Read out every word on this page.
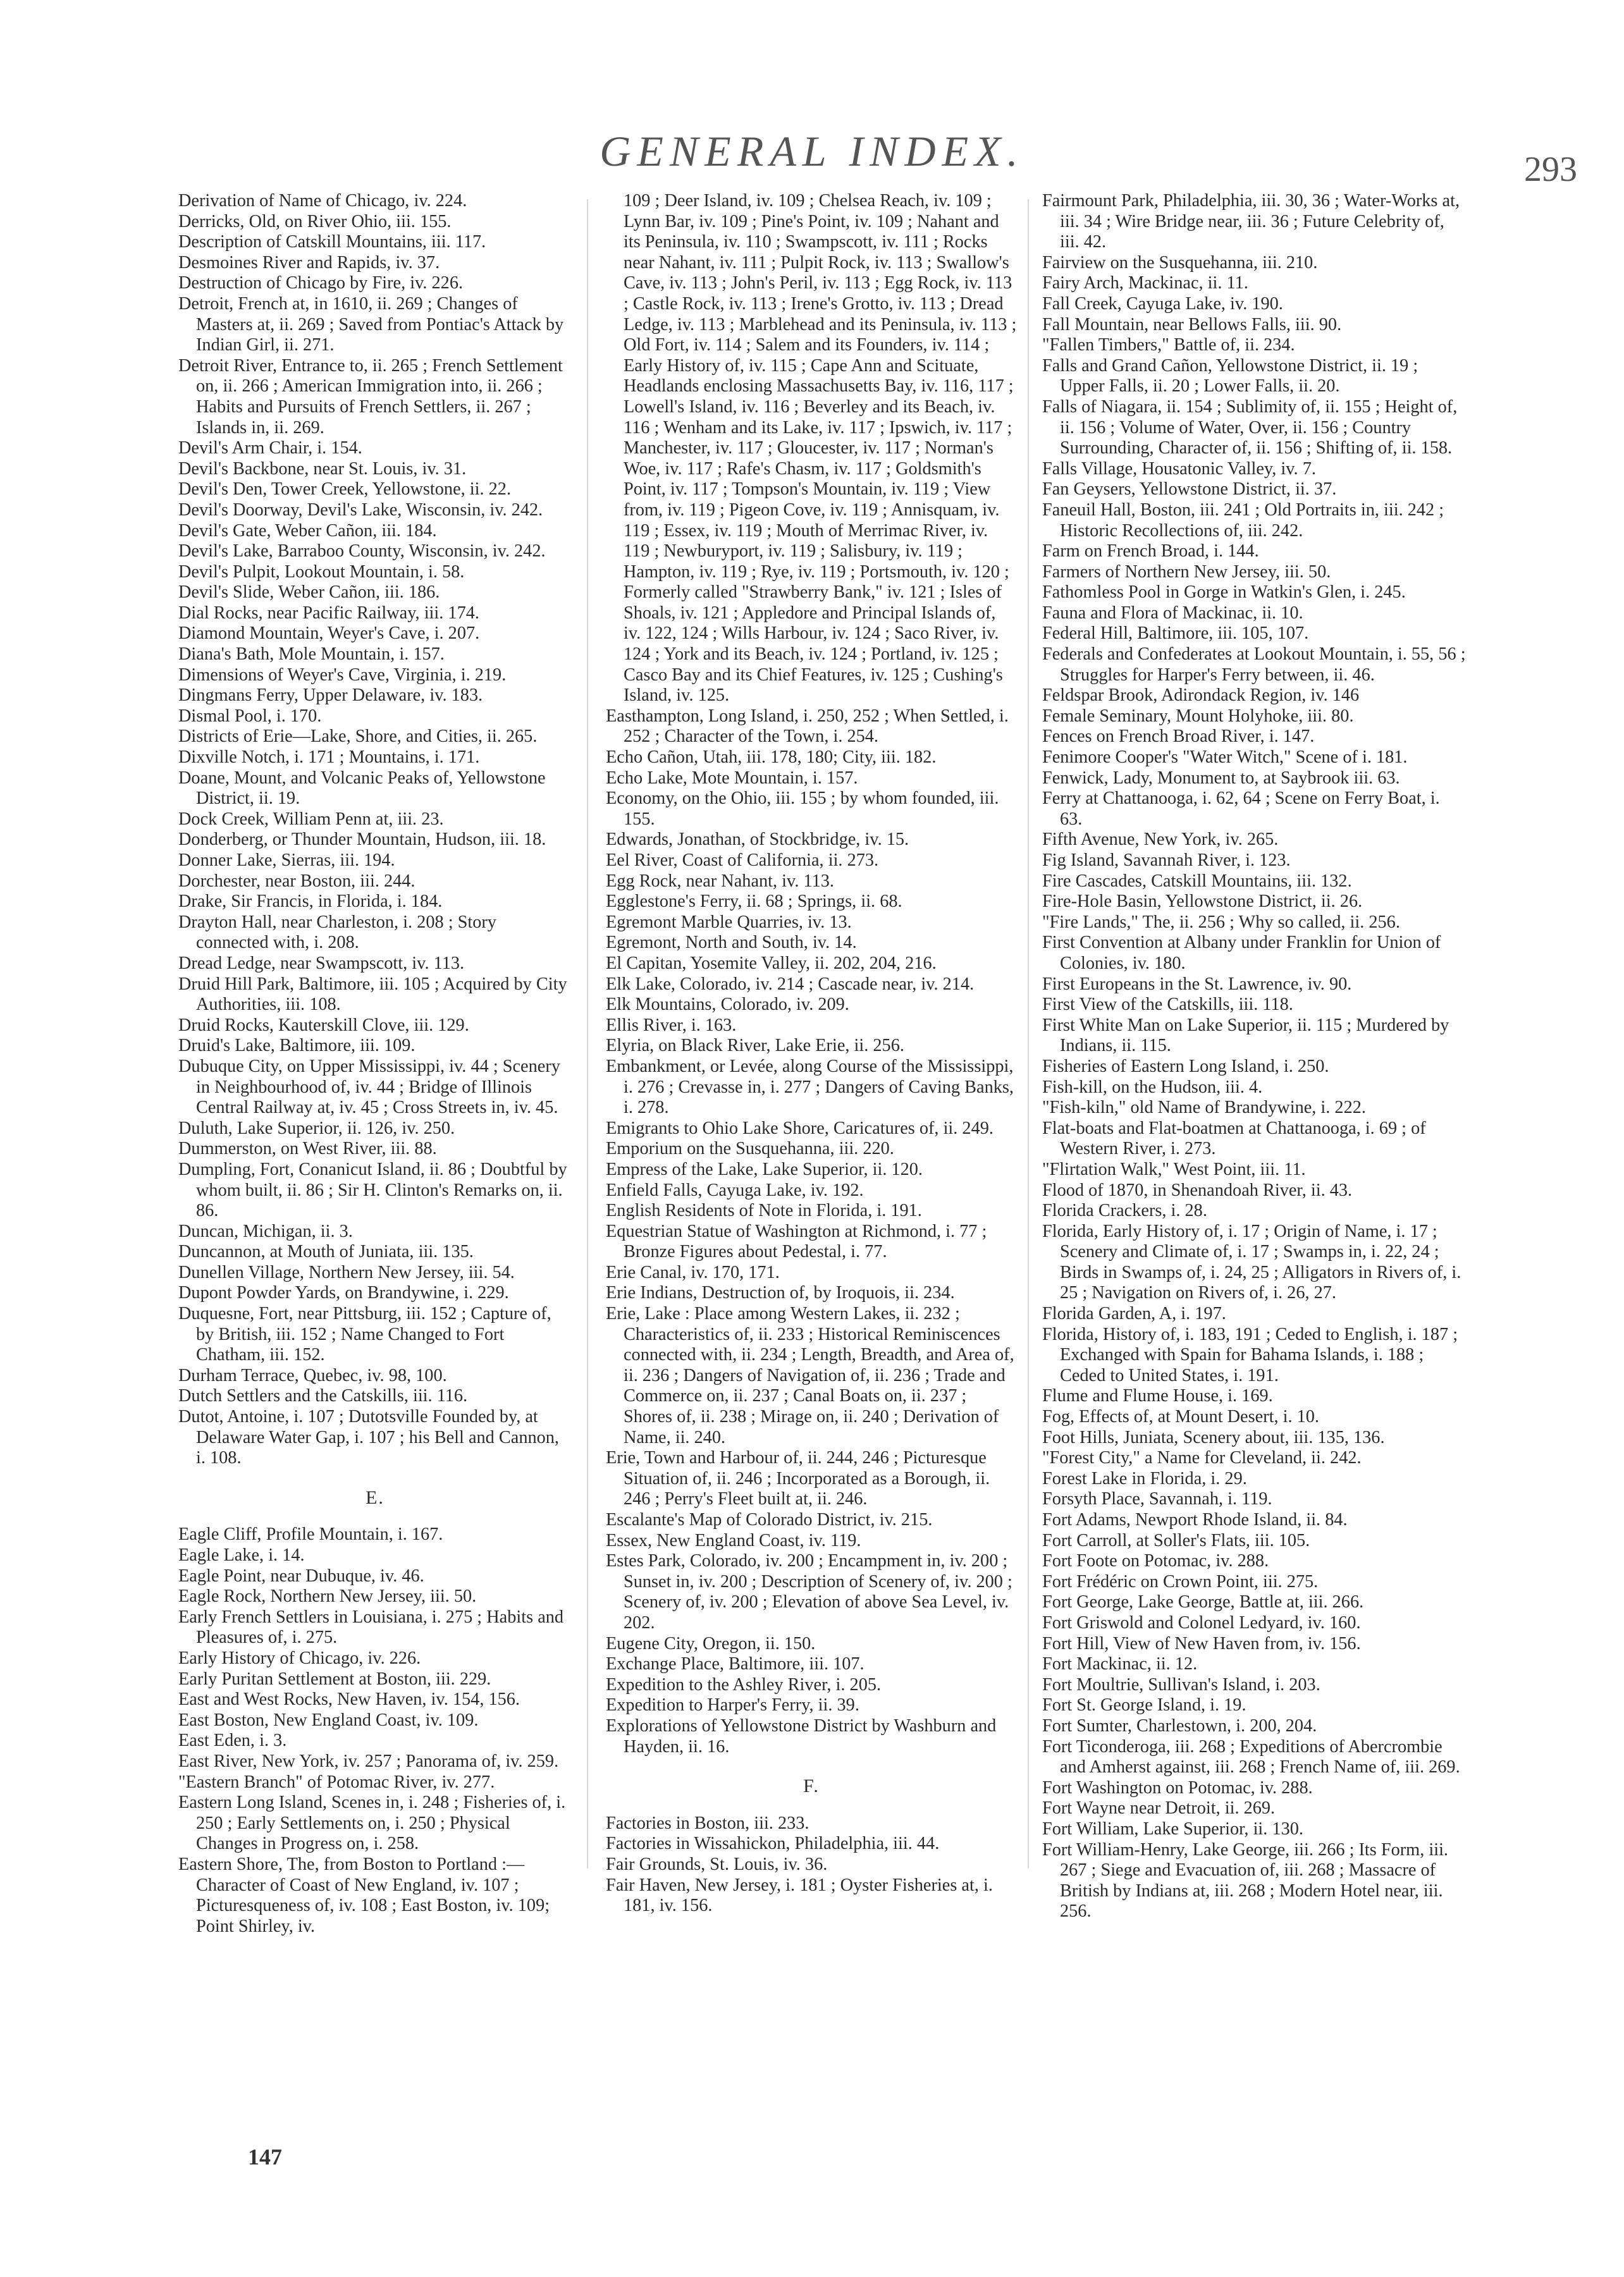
GENERAL INDEX.	293

Derivation of Name of Chicago, iv. 224.

Derricks, Old, on River Ohio, iii. 155.

Description of Catskill Mountains, iii. 117.

Desmoines River and Rapids, iv. 37.

Destruction of Chicago by Fire, iv. 226.

Detroit, French at, in 1610, ii. 269 ; Changes of Masters at, ii. 269 ; Saved from Pontiac's Attack by Indian Girl, ii. 271.

Detroit River, Entrance to, ii. 265 ; French Settlement on, ii. 266 ; American Immigration into, ii. 266 ; Habits and Pursuits of French Settlers, ii. 267 ; Islands in, ii. 269.

Devil's Arm Chair, i. 154.

Devil's Backbone, near St. Louis, iv. 31.

Devil's Den, Tower Creek, Yellowstone, ii. 22.

Devil's Doorway, Devil's Lake, Wisconsin, iv. 242.

Devil's Gate, Weber Cañon, iii. 184.

Devil's Lake, Barraboo County, Wisconsin, iv. 242.

Devil's Pulpit, Lookout Mountain, i. 58.

Devil's Slide, Weber Cañon, iii. 186.

Dial Rocks, near Pacific Railway, iii. 174.

Diamond Mountain, Weyer's Cave, i. 207.

Diana's Bath, Mole Mountain, i. 157.

Dimensions of Weyer's Cave, Virginia, i. 219.

Dingmans Ferry, Upper Delaware, iv. 183.

Dismal Pool, i. 170.

Districts of Erie—Lake, Shore, and Cities, ii. 265.

Dixville Notch, i. 171 ; Mountains, i. 171.

Doane, Mount, and Volcanic Peaks of, Yellowstone District, ii. 19.

Dock Creek, William Penn at, iii. 23.

Donderberg, or Thunder Mountain, Hudson, iii. 18.

Donner Lake, Sierras, iii. 194.

Dorchester, near Boston, iii. 244.

Drake, Sir Francis, in Florida, i. 184.

Drayton Hall, near Charleston, i. 208 ; Story connected with, i. 208.

Dread Ledge, near Swampscott, iv. 113.

Druid Hill Park, Baltimore, iii. 105 ; Acquired by City Authorities, iii. 108.

Druid Rocks, Kauterskill Clove, iii. 129.

Druid's Lake, Baltimore, iii. 109.

Dubuque City, on Upper Mississippi, iv. 44 ; Scenery in Neighbourhood of, iv. 44 ; Bridge of Illinois Central Railway at, iv. 45 ; Cross Streets in, iv. 45.

Duluth, Lake Superior, ii. 126, iv. 250.

Dummerston, on West River, iii. 88.

Dumpling, Fort, Conanicut Island, ii. 86 ; Doubtful by whom built, ii. 86 ; Sir H. Clinton's Remarks on, ii. 86.

Duncan, Michigan, ii. 3.

Duncannon, at Mouth of Juniata, iii. 135.

Dunellen Village, Northern New Jersey, iii. 54.

Dupont Powder Yards, on Brandywine, i. 229.

Duquesne, Fort, near Pittsburg, iii. 152 ; Capture of, by British, iii. 152 ; Name Changed to Fort Chatham, iii. 152.

Durham Terrace, Quebec, iv. 98, 100.

Dutch Settlers and the Catskills, iii. 116.

Dutot, Antoine, i. 107 ; Dutotsville Founded by, at Delaware Water Gap, i. 107 ; his Bell and Cannon, i. 108.

E.

Eagle Cliff, Profile Mountain, i. 167.

Eagle Lake, i. 14.

Eagle Point, near Dubuque, iv. 46.

Eagle Rock, Northern New Jersey, iii. 50.

Early French Settlers in Louisiana, i. 275 ; Habits and Pleasures of, i. 275.

Early History of Chicago, iv. 226.

Early Puritan Settlement at Boston, iii. 229.

East and West Rocks, New Haven, iv. 154, 156.

East Boston, New England Coast, iv. 109.

East Eden, i. 3.

East River, New York, iv. 257 ; Panorama of, iv. 259.

"Eastern Branch" of Potomac River, iv. 277.

Eastern Long Island, Scenes in, i. 248 ; Fisheries of, i. 250 ; Early Settlements on, i. 250 ; Physical Changes in Progress on, i. 258.

Eastern Shore, The, from Boston to Portland :—Character of Coast of New England, iv. 107 ; Picturesqueness of, iv. 108 ; East Boston, iv. 109; Point Shirley, iv.

109 ; Deer Island, iv. 109 ; Chelsea Reach, iv. 109 ; Lynn Bar, iv. 109 ; Pine's Point, iv. 109 ; Nahant and its Peninsula, iv. 110 ; Swampscott, iv. 111 ; Rocks near Nahant, iv. 111 ; Pulpit Rock, iv. 113 ; Swallow's Cave, iv. 113 ; John's Peril, iv. 113 ; Egg Rock, iv. 113 ; Castle Rock, iv. 113 ; Irene's Grotto, iv. 113 ; Dread Ledge, iv. 113 ; Marblehead and its Peninsula, iv. 113 ; Old Fort, iv. 114 ; Salem and its Founders, iv. 114 ; Early History of, iv. 115 ; Cape Ann and Scituate, Headlands enclosing Massachusetts Bay, iv. 116, 117 ; Lowell's Island, iv. 116 ; Beverley and its Beach, iv. 116 ; Wenham and its Lake, iv. 117 ; Ipswich, iv. 117 ; Manchester, iv. 117 ; Gloucester, iv. 117 ; Norman's Woe, iv. 117 ; Rafe's Chasm, iv. 117 ; Goldsmith's Point, iv. 117 ; Tompson's Mountain, iv. 119 ; View from, iv. 119 ; Pigeon Cove, iv. 119 ; Annisquam, iv. 119 ; Essex, iv. 119 ; Mouth of Merrimac River, iv. 119 ; Newburyport, iv. 119 ; Salisbury, iv. 119 ; Hampton, iv. 119 ; Rye, iv. 119 ; Portsmouth, iv. 120 ; Formerly called "Strawberry Bank," iv. 121 ; Isles of Shoals, iv. 121 ; Appledore and Principal Islands of, iv. 122, 124 ; Wills Harbour, iv. 124 ; Saco River, iv. 124 ; York and its Beach, iv. 124 ; Portland, iv. 125 ; Casco Bay and its Chief Features, iv. 125 ; Cushing's Island, iv. 125.

Easthampton, Long Island, i. 250, 252 ; When Settled, i. 252 ; Character of the Town, i. 254.

Echo Cañon, Utah, iii. 178, 180; City, iii. 182.

Echo Lake, Mote Mountain, i. 157.

Economy, on the Ohio, iii. 155 ; by whom founded, iii. 155.

Edwards, Jonathan, of Stockbridge, iv. 15.

Eel River, Coast of California, ii. 273.

Egg Rock, near Nahant, iv. 113.

Egglestone's Ferry, ii. 68 ; Springs, ii. 68.

Egremont Marble Quarries, iv. 13.

Egremont, North and South, iv. 14.

El Capitan, Yosemite Valley, ii. 202, 204, 216.

Elk Lake, Colorado, iv. 214 ; Cascade near, iv. 214.

Elk Mountains, Colorado, iv. 209.

Ellis River, i. 163.

Elyria, on Black River, Lake Erie, ii. 256.

Embankment, or Levée, along Course of the Mississippi, i. 276 ; Crevasse in, i. 277 ; Dangers of Caving Banks, i. 278.

Emigrants to Ohio Lake Shore, Caricatures of, ii. 249.

Emporium on the Susquehanna, iii. 220.

Empress of the Lake, Lake Superior, ii. 120.

Enfield Falls, Cayuga Lake, iv. 192.

English Residents of Note in Florida, i. 191.

Equestrian Statue of Washington at Richmond, i. 77 ; Bronze Figures about Pedestal, i. 77.

Erie Canal, iv. 170, 171.

Erie Indians, Destruction of, by Iroquois, ii. 234.

Erie, Lake : Place among Western Lakes, ii. 232 ; Characteristics of, ii. 233 ; Historical Reminiscences connected with, ii. 234 ; Length, Breadth, and Area of, ii. 236 ; Dangers of Navigation of, ii. 236 ; Trade and Commerce on, ii. 237 ; Canal Boats on, ii. 237 ; Shores of, ii. 238 ; Mirage on, ii. 240 ; Derivation of Name, ii. 240.

Erie, Town and Harbour of, ii. 244, 246 ; Picturesque Situation of, ii. 246 ; Incorporated as a Borough, ii. 246 ; Perry's Fleet built at, ii. 246.

Escalante's Map of Colorado District, iv. 215.

Essex, New England Coast, iv. 119.

Estes Park, Colorado, iv. 200 ; Encampment in, iv. 200 ; Sunset in, iv. 200 ; Description of Scenery of, iv. 200 ; Scenery of, iv. 200 ; Elevation of above Sea Level, iv. 202.

Eugene City, Oregon, ii. 150.

Exchange Place, Baltimore, iii. 107.

Expedition to the Ashley River, i. 205.

Expedition to Harper's Ferry, ii. 39.

Explorations of Yellowstone District by Washburn and Hayden, ii. 16.

F.

Factories in Boston, iii. 233.

Factories in Wissahickon, Philadelphia, iii. 44.

Fair Grounds, St. Louis, iv. 36.

Fair Haven, New Jersey, i. 181 ; Oyster Fisheries at, i. 181, iv. 156.

Fairmount Park, Philadelphia, iii. 30, 36 ; Water-Works at, iii. 34 ; Wire Bridge near, iii. 36 ; Future Celebrity of, iii. 42.

Fairview on the Susquehanna, iii. 210.

Fairy Arch, Mackinac, ii. 11.

Fall Creek, Cayuga Lake, iv. 190.

Fall Mountain, near Bellows Falls, iii. 90.

"Fallen Timbers," Battle of, ii. 234.

Falls and Grand Cañon, Yellowstone District, ii. 19 ; Upper Falls, ii. 20 ; Lower Falls, ii. 20.

Falls of Niagara, ii. 154 ; Sublimity of, ii. 155 ; Height of, ii. 156 ; Volume of Water, Over, ii. 156 ; Country Surrounding, Character of, ii. 156 ; Shifting of, ii. 158.

Falls Village, Housatonic Valley, iv. 7.

Fan Geysers, Yellowstone District, ii. 37.

Faneuil Hall, Boston, iii. 241 ; Old Portraits in, iii. 242 ; Historic Recollections of, iii. 242.

Farm on French Broad, i. 144.

Farmers of Northern New Jersey, iii. 50.

Fathomless Pool in Gorge in Watkin's Glen, i. 245.

Fauna and Flora of Mackinac, ii. 10.

Federal Hill, Baltimore, iii. 105, 107.

Federals and Confederates at Lookout Mountain, i. 55, 56 ; Struggles for Harper's Ferry between, ii. 46.

Feldspar Brook, Adirondack Region, iv. 146

Female Seminary, Mount Holyhoke, iii. 80.

Fences on French Broad River, i. 147.

Fenimore Cooper's "Water Witch," Scene of i. 181.

Fenwick, Lady, Monument to, at Saybrook iii. 63.

Ferry at Chattanooga, i. 62, 64 ; Scene on Ferry Boat, i. 63.

Fifth Avenue, New York, iv. 265.

Fig Island, Savannah River, i. 123.

Fire Cascades, Catskill Mountains, iii. 132.

Fire-Hole Basin, Yellowstone District, ii. 26.

"Fire Lands," The, ii. 256 ; Why so called, ii. 256.

First Convention at Albany under Franklin for Union of Colonies, iv. 180.

First Europeans in the St. Lawrence, iv. 90.

First View of the Catskills, iii. 118.

First White Man on Lake Superior, ii. 115 ; Murdered by Indians, ii. 115.

Fisheries of Eastern Long Island, i. 250.

Fish-kill, on the Hudson, iii. 4.

"Fish-kiln," old Name of Brandywine, i. 222.

Flat-boats and Flat-boatmen at Chattanooga, i. 69 ; of Western River, i. 273.

"Flirtation Walk," West Point, iii. 11.

Flood of 1870, in Shenandoah River, ii. 43.

Florida Crackers, i. 28.

Florida, Early History of, i. 17 ; Origin of Name, i. 17 ; Scenery and Climate of, i. 17 ; Swamps in, i. 22, 24 ; Birds in Swamps of, i. 24, 25 ; Alligators in Rivers of, i. 25 ; Navigation on Rivers of, i. 26, 27.

Florida Garden, A, i. 197.

Florida, History of, i. 183, 191 ; Ceded to English, i. 187 ; Exchanged with Spain for Bahama Islands, i. 188 ; Ceded to United States, i. 191.

Flume and Flume House, i. 169.

Fog, Effects of, at Mount Desert, i. 10.

Foot Hills, Juniata, Scenery about, iii. 135, 136.

"Forest City," a Name for Cleveland, ii. 242.

Forest Lake in Florida, i. 29.

Forsyth Place, Savannah, i. 119.

Fort Adams, Newport Rhode Island, ii. 84.

Fort Carroll, at Soller's Flats, iii. 105.

Fort Foote on Potomac, iv. 288.

Fort Frédéric on Crown Point, iii. 275.

Fort George, Lake George, Battle at, iii. 266.

Fort Griswold and Colonel Ledyard, iv. 160.

Fort Hill, View of New Haven from, iv. 156.

Fort Mackinac, ii. 12.

Fort Moultrie, Sullivan's Island, i. 203.

Fort St. George Island, i. 19.

Fort Sumter, Charlestown, i. 200, 204.

Fort Ticonderoga, iii. 268 ; Expeditions of Abercrombie and Amherst against, iii. 268 ; French Name of, iii. 269.

Fort Washington on Potomac, iv. 288.

Fort Wayne near Detroit, ii. 269.

Fort William, Lake Superior, ii. 130.

Fort William-Henry, Lake George, iii. 266 ; Its Form, iii. 267 ; Siege and Evacuation of, iii. 268 ; Massacre of British by Indians at, iii. 268 ; Modern Hotel near, iii. 256.

147
